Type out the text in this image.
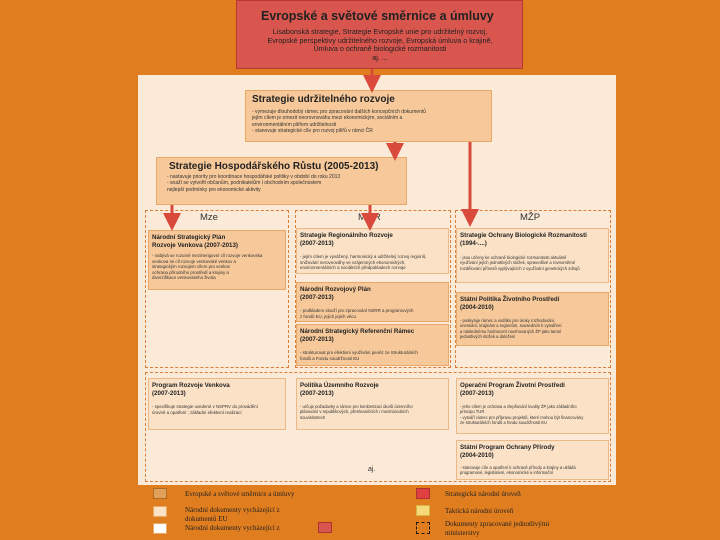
Evropské a světové směrnice a úmluvy
Lisabonská strategie, Strategie Evropské unie pro udržitelný rozvoj,
Evropské perspektivy udržitelného rozvoje, Evropská úmluva o krajině,
Úmluva o ochraně biologické rozmanitosti
aj. ...
Strategie udržitelného rozvoje
- vymezuje dlouhodobý rámec pro zpracování dalších koncepčních dokumentů
jejím cílem je omezit neorovnováhu mezi ekonomickým, sociálním a
environmentálním pilířem udržitelnosti
- stanovuje strategické cíle pro rozvoj pilířů v rámci ČR
Strategie Hospodářského Růstu (2005-2013)
- nastavuje priority pro koordinace hospodářské politiky v období do roku 2013
- snaží se vytvořit občanům, podnikatelům i obchodním společnostem
nejlepší podmínky pro ekonomické aktivity
Mze	MMR	MŽP
Národní Strategický Plán
Rozvoje Venkova (2007-2013)
- nabývá se rozumě mezirterigovní cíl rozvoje venkovska
venkova se cíl rozvoje venkovské venkov a
strategickým rozvojem cílem pro venkov
ochrana přírodního prostředí a krajiny a
diverzifikace venkovského života
Strategie Regionálního Rozvoje
(2007-2013)
- jejím cílem je vyvážený, harmonický a udržitelný rozvoj regionů,
snižování nerovnováhy ve vzájemných ekonomických,
environmentálních a sociálních předpokladech rozvoje
Národní Rozvojový Plán
(2007-2013)
- podkladem slouží pro zpracování NSRR a programových
z fondů EU, jejich jejich věcu
Národní Strategický Referenční Rámec
(2007-2013)
- strukturovat pro efektivní využívání peněz ze Strukturálních
fondů a Fondu soudržnosti EU
Strategie Ochrany Biologické Rozmanitosti
(1994-....)
- jsou určeny ke ochraně biologické rozmanitosti aktuálně
využívání jejích jednotlivých složek, spravedlivé a rovnoměrné
rozdělování přínosů vyplývajících z využívání genetických zdrojů
Státní Politika Životního Prostředí
(2004-2010)
- poskytuje rámec a vodítko pro úroky rozhodování,
ocesnání, krajinám a regionům, sousedním k vytváření
a následnému hodnocení navrhovaných ŽP jako tamní
jednotlivých složek a doložení
Program Rozvoje Venkova
(2007-2013)
- specifikuje strategie uvedené v NSPRV do provádění
úrovně a opatření ; základní efektivní realizací
Politika Územního Rozvoje
(2007-2013)
- určuje požadavky a rámce pro konkretizaci úkolů územního
plánování v republikových, přeshraničních i mezinárodních
souvislostech
aj.
Operační Program Životní Prostředí
(2007-2013)
- jeho cílem je ochrana a zlepšování kvality ŽP jako základního
principu TUR
- vytváří rámec pro přípravu projektů, které mohou být financovány
ze strukturálních fondů a fondu soudržnosti EU
Státní Program Ochrany Přírody
(2004-2010)
- stanovuje cíle a opatření k ochraně přírody a krajiny a ukládá
programové, legislativní, ekonomické a informační
Evropské a světové směrnice a úmluvy
Národní dokumenty vycházející z
dokumentů EU
Národní dokumenty vycházející z
Strategická národní úroveň
Taktická národní úroveň
Dokumenty zpracované jednotlivými
ministerstvy
